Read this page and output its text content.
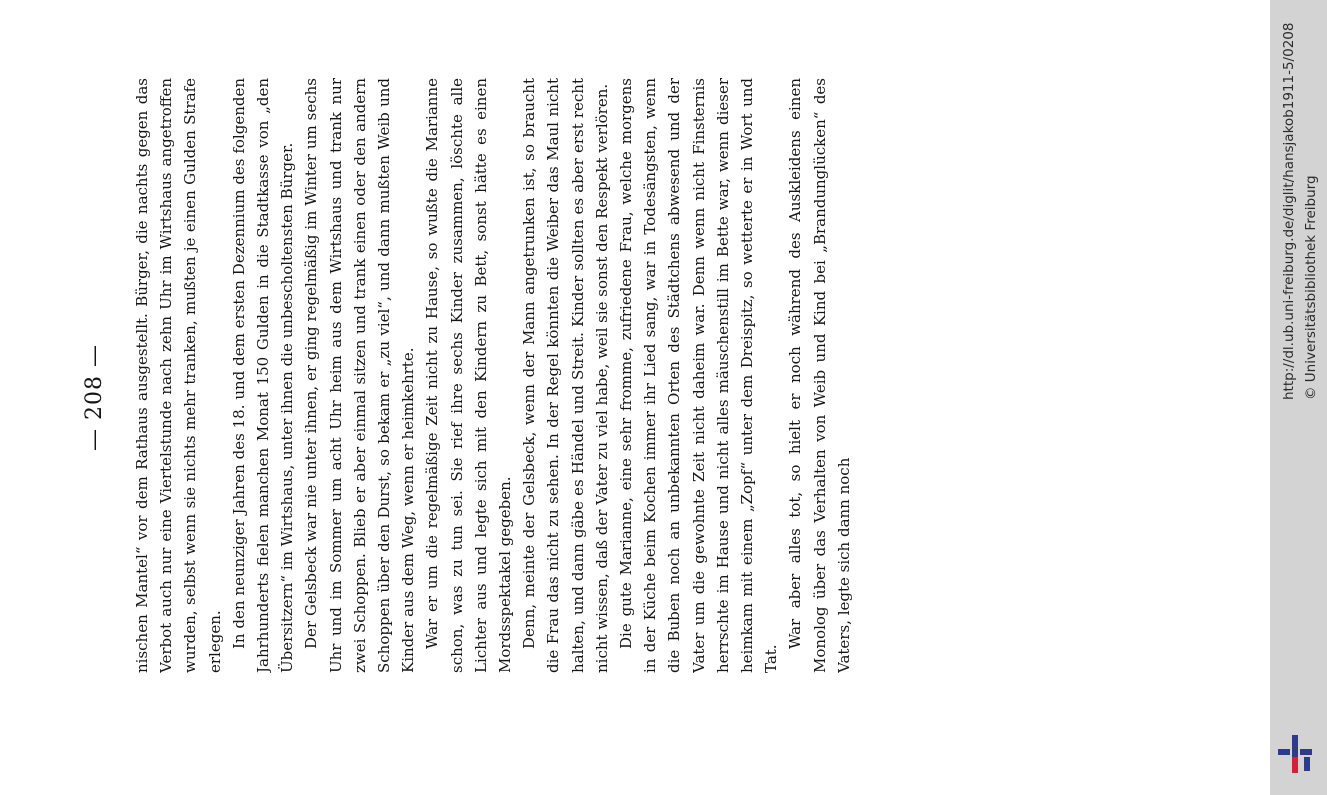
— 208 —	nischen Mantel“ vor dem Rathaus ausgestellt. Bürger, die nachts gegen das Verbot auch nur eine Viertelstunde nach zehn Uhr im Wirtshaus angetroffen wurden, selbst wenn sie nichts mehr tranken, mußten je einen Gulden Strafe erlegen. In den neunziger Jahren des 18. und dem ersten Dezennium des folgenden Jahrhunderts fielen manchen Monat 150 Gulden in die Stadtkasse von „den Übersitzern“ im Wirtshaus, unter ihnen die unbescholtensten Bürger. Der Gelsbeck war nie unter ihnen, er ging regelmäßig im Winter um sechs Uhr und im Sommer um acht Uhr heim aus dem Wirtshaus und trank nur zwei Schoppen. Blieb er aber einmal sitzen und trank einen oder den andern Schoppen über den Durst, so bekam er „zu viel“, und dann mußten Weib und Kinder aus dem Weg, wenn er heimkehrte. War er um die regelmäßige Zeit nicht zu Hause, so wußte die Marianne schon, was zu tun sei. Sie rief ihre sechs Kinder zusammen, löschte alle Lichter aus und legte sich mit den Kindern zu Bett, sonst hätte es einen Mordsspektakel gegeben. Denn, meinte der Gelsbeck, wenn der Mann angetrunken ist, so braucht die Frau das nicht zu sehen. In der Regel könnten die Weiber das Maul nicht halten, und dann gäbe es Händel und Streit. Kinder sollten es aber erst recht nicht wissen, daß der Vater zu viel habe, weil sie sonst den Respekt verlören. Die gute Marianne, eine sehr fromme, zufriedene Frau, welche morgens in der Küche beim Kochen immer ihr Lied sang, war in Todesängsten, wenn die Buben noch an unbekannten Orten des Städtchens abwesend und der Vater um die gewohnte Zeit nicht daheim war. Denn wenn nicht Finsternis herrschte im Hause und nicht alles mäuschenstill im Bette war, wenn dieser heimkam mit einem „Zopf“ unter dem Dreispitz, so wetterte er in Wort und Tat.

War aber alles tot, so hielt er noch während des Auskleidens einen Monolog über das Verhalten von Weib und Kind bei „Brandunglücken“ des Vaters, legte sich dann noch

http://dl.ub.uni-freiburg.de/diglit/hansjakob1911-5/0208 © Universitätsbibliothek Freiburg
